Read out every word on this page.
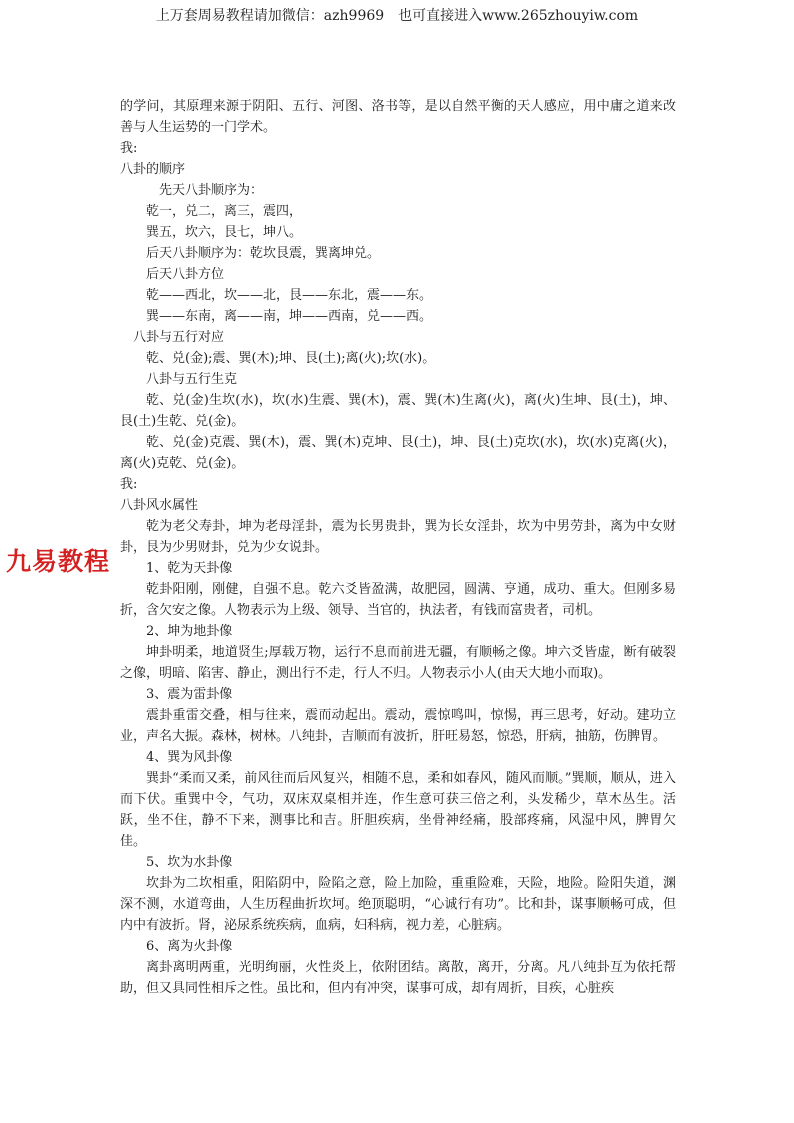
上万套周易教程请加微信：azh9969　也可直接进入www.265zhouyiw.com

的学问，其原理来源于阴阳、五行、河图、洛书等，是以自然平衡的天人感应，用中庸之道来改善与人生运势的一门学术。

我:

八卦的顺序

先天八卦顺序为：

乾一，兑二，离三，震四，

巽五，坎六，艮七，坤八。

后天八卦顺序为：乾坎艮震，巽离坤兑。

后天八卦方位

乾——西北，坎——北，艮——东北，震——东。

巽——东南，离——南，坤——西南，兑——西。

八卦与五行对应

乾、兑(金);震、巽(木);坤、艮(土);离(火);坎(水)。

八卦与五行生克

乾、兑(金)生坎(水)，坎(水)生震、巽(木)，震、巽(木)生离(火)，离(火)生坤、艮(土)，坤、艮(土)生乾、兑(金)。

乾、兑(金)克震、巽(木)，震、巽(木)克坤、艮(土)，坤、艮(土)克坎(水)，坎(水)克离(火)，离(火)克乾、兑(金)。

我:

八卦风水属性

乾为老父寿卦，坤为老母淫卦，震为长男贵卦，巽为长女淫卦，坎为中男劳卦，离为中女财卦，艮为少男财卦，兑为少女说卦。

1、乾为天卦像

乾卦阳刚，刚健，自强不息。乾六爻皆盈满，故肥园，圆满、亨通，成功、重大。但刚多易折，含欠安之像。人物表示为上级、领导、当官的，执法者，有钱而富贵者，司机。

2、坤为地卦像

坤卦明柔，地道贤生;厚载万物，运行不息而前进无疆，有顺畅之像。坤六爻皆虚，断有破裂之像，明暗、陷害、静止，测出行不走，行人不归。人物表示小人(由天大地小而取)。

3、震为雷卦像

震卦重雷交叠，相与往来，震而动起出。震动，震惊鸣叫，惊惕，再三思考，好动。建功立业，声名大振。森林，树林。八纯卦，吉顺而有波折，肝旺易怒，惊恐，肝病，抽筋，伤脾胃。

4、巽为风卦像

巽卦“柔而又柔，前风往而后风复兴，相随不息，柔和如春风，随风而顺。”巽顺，顺从，进入而下伏。重巽中令，气功，双床双桌相并连，作生意可获三倍之利，头发稀少，草木丛生。活跃，坐不住，静不下来，测事比和吉。肝胆疾病，坐骨神经痛，股部疼痛，风湿中风，脾胃欠佳。

5、坎为水卦像

坎卦为二坎相重，阳陷阴中，险陷之意，险上加险，重重险难，天险，地险。险阳失道，渊深不测，水道弯曲，人生历程曲折坎坷。绝顶聪明，“心诚行有功”。比和卦，谋事顺畅可成，但内中有波折。肾，泌尿系统疾病，血病，妇科病，视力差，心脏病。

6、离为火卦像

离卦离明两重，光明绚丽，火性炎上，依附团结。离散，离开，分离。凡八纯卦互为依托帮助，但又具同性相斥之性。虽比和，但内有冲突，谋事可成，却有周折，目疾，心脏疾

九易教程
